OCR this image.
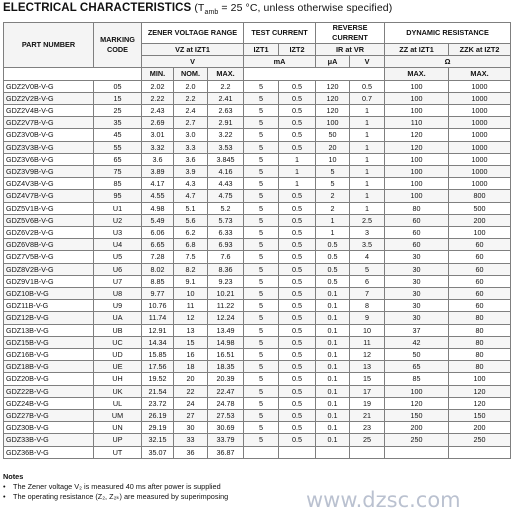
ELECTRICAL CHARACTERISTICS ($T_{amb} = 25$ °C, unless otherwise specified)
PART NUMBER	MARKING CODE	ZENER VOLTAGE RANGE			TEST CURRENT		REVERSE CURRENT		DYNAMIC RESISTANCE	
		VZ at IZT1			IZT1	IZT2	IR at VR		ZZ at IZT1	ZZK at IZT2
		V			mA		μA	V	Ω	
		MIN.	NOM.	MAX.					MAX.	MAX.
GDZ2V0B-V-G	05	2.02	2.0	2.2	5	0.5	120	0.5	100	1000
GDZ2V2B-V-G	15	2.22	2.2	2.41	5	0.5	120	0.7	100	1000
GDZ2V4B-V-G	25	2.43	2.4	2.63	5	0.5	120	1	100	1000
GDZ2V7B-V-G	35	2.69	2.7	2.91	5	0.5	100	1	110	1000
GDZ3V0B-V-G	45	3.01	3.0	3.22	5	0.5	50	1	120	1000
GDZ3V3B-V-G	55	3.32	3.3	3.53	5	0.5	20	1	120	1000
GDZ3V6B-V-G	65	3.6	3.6	3.845	5	1	10	1	100	1000
GDZ3V9B-V-G	75	3.89	3.9	4.16	5	1	5	1	100	1000
GDZ4V3B-V-G	85	4.17	4.3	4.43	5	1	5	1	100	1000
GDZ4V7B-V-G	95	4.55	4.7	4.75	5	0.5	2	1	100	800
GDZ5V1B-V-G	U1	4.98	5.1	5.2	5	0.5	2	1	80	500
GDZ5V6B-V-G	U2	5.49	5.6	5.73	5	0.5	1	2.5	60	200
GDZ6V2B-V-G	U3	6.06	6.2	6.33	5	0.5	1	3	60	100
GDZ6V8B-V-G	U4	6.65	6.8	6.93	5	0.5	0.5	3.5	60	60
GDZ7V5B-V-G	U5	7.28	7.5	7.6	5	0.5	0.5	4	30	60
GDZ8V2B-V-G	U6	8.02	8.2	8.36	5	0.5	0.5	5	30	60
GDZ9V1B-V-G	U7	8.85	9.1	9.23	5	0.5	0.5	6	30	60
GDZ10B-V-G	U8	9.77	10	10.21	5	0.5	0.1	7	30	60
GDZ11B-V-G	U9	10.76	11	11.22	5	0.5	0.1	8	30	60
GDZ12B-V-G	UA	11.74	12	12.24	5	0.5	0.1	9	30	80
GDZ13B-V-G	UB	12.91	13	13.49	5	0.5	0.1	10	37	80
GDZ15B-V-G	UC	14.34	15	14.98	5	0.5	0.1	11	42	80
GDZ16B-V-G	UD	15.85	16	16.51	5	0.5	0.1	12	50	80
GDZ18B-V-G	UE	17.56	18	18.35	5	0.5	0.1	13	65	80
GDZ20B-V-G	UH	19.52	20	20.39	5	0.5	0.1	15	85	100
GDZ22B-V-G	UK	21.54	22	22.47	5	0.5	0.1	17	100	120
GDZ24B-V-G	UL	23.72	24	24.78	5	0.5	0.1	19	120	120
GDZ27B-V-G	UM	26.19	27	27.53	5	0.5	0.1	21	150	150
GDZ30B-V-G	UN	29.19	30	30.69	5	0.5	0.1	23	200	200
GDZ33B-V-G	UP	32.15	33	33.79	5	0.5	0.1	25	250	250
GDZ36B-V-G	UT	35.07	36	36.87						
Notes
• The Zener voltage V₂ is measured 40 ms after power is supplied
• The operating resistance (Z₂, Z₂ₖ) are measured by superimposing	www.dzsc.com
